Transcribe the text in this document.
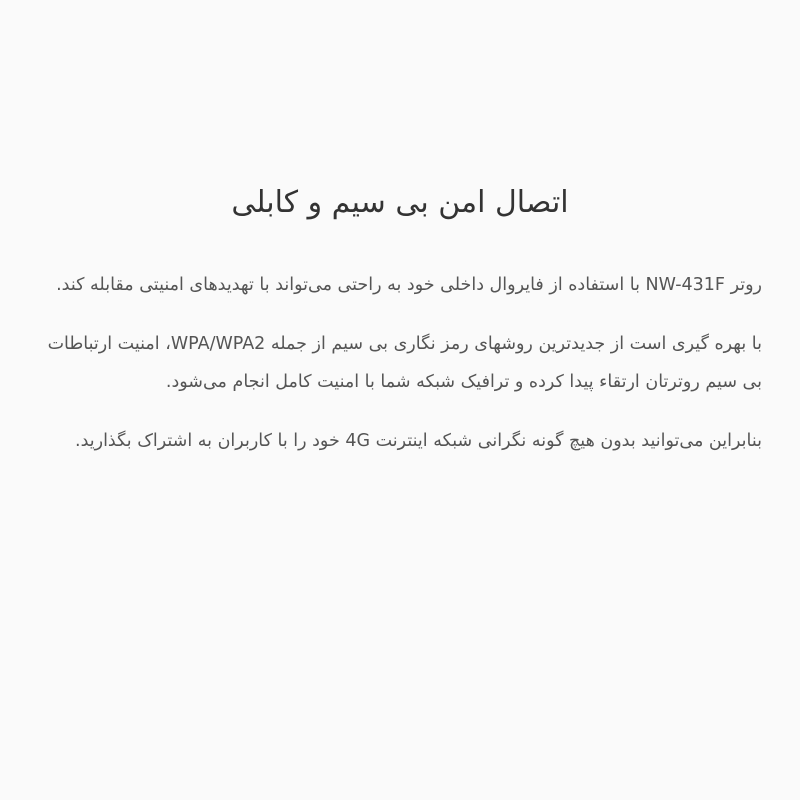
اتصال امن بی سیم و کابلی

روتر NW-431F با استفاده از فایروال داخلی خود به راحتی می‌تواند با تهدیدهای امنیتی مقابله کند.

با بهره گیری است از جدیدترین روشهای رمز نگاری بی سیم از جمله WPA/WPA2، امنیت ارتباطات بی سیم روترتان ارتقاء پیدا کرده و ترافیک شبکه شما با امنیت کامل انجام می‌شود.

بنابراین می‌توانید بدون هیچ گونه نگرانی شبکه اینترنت 4G خود را با کاربران به اشتراک بگذارید.
